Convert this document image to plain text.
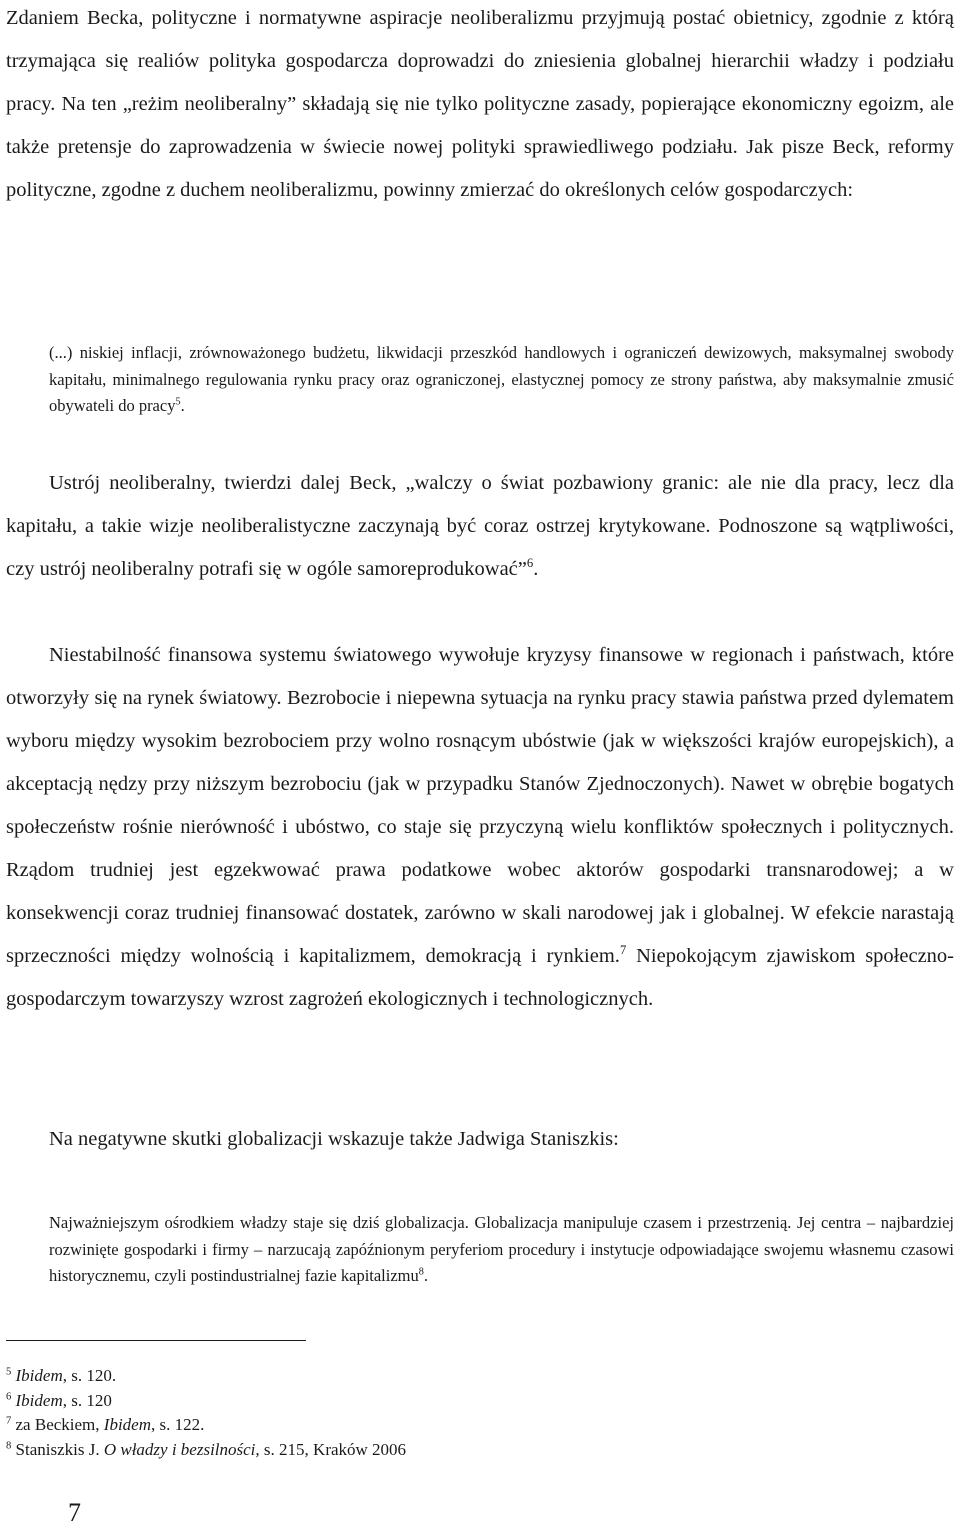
Zdaniem Becka, polityczne i normatywne aspiracje neoliberalizmu przyjmują postać obietnicy, zgodnie z którą trzymająca się realiów polityka gospodarcza doprowadzi do zniesienia globalnej hierarchii władzy i podziału pracy. Na ten „reżim neoliberalny” składają się nie tylko polityczne zasady, popierające ekonomiczny egoizm, ale także pretensje do zaprowadzenia w świecie nowej polityki sprawiedliwego podziału. Jak pisze Beck, reformy polityczne, zgodne z duchem neoliberalizmu, powinny zmierzać do określonych celów gospodarczych:

(...) niskiej inflacji, zrównoważonego budżetu, likwidacji przeszkód handlowych i ograniczeń dewizowych, maksymalnej swobody kapitału, minimalnego regulowania rynku pracy oraz ograniczonej, elastycznej pomocy ze strony państwa, aby maksymalnie zmusić obywateli do pracy$^5$.

Ustrój neoliberalny, twierdzi dalej Beck, „walczy o świat pozbawiony granic: ale nie dla pracy, lecz dla kapitału, a takie wizje neoliberalistyczne zaczynają być coraz ostrzej krytykowane. Podnoszone są wątpliwości, czy ustrój neoliberalny potrafi się w ogóle samoreprodukować”$^6$.

Niestabilność finansowa systemu światowego wywołuje kryzysy finansowe w regionach i państwach, które otworzyły się na rynek światowy. Bezrobocie i niepewna sytuacja na rynku pracy stawia państwa przed dylematem wyboru między wysokim bezrobociem przy wolno rosnącym ubóstwie (jak w większości krajów europejskich), a akceptacją nędzy przy niższym bezrobociu (jak w przypadku Stanów Zjednoczonych). Nawet w obrębie bogatych społeczeństw rośnie nierówność i ubóstwo, co staje się przyczyną wielu konfliktów społecznych i politycznych. Rządom trudniej jest egzekwować prawa podatkowe wobec aktorów gospodarki transnarodowej; a w konsekwencji coraz trudniej finansować dostatek, zarówno w skali narodowej jak i globalnej. W efekcie narastają sprzeczności między wolnością i kapitalizmem, demokracją i rynkiem.$^7$ Niepokojącym zjawiskom społeczno-gospodarczym towarzyszy wzrost zagrożeń ekologicznych i technologicznych.

Na negatywne skutki globalizacji wskazuje także Jadwiga Staniszkis:

Najważniejszym ośrodkiem władzy staje się dziś globalizacja. Globalizacja manipuluje czasem i przestrzenią. Jej centra – najbardziej rozwinięte gospodarki i firmy – narzucają zapóźnionym peryferiom procedury i instytucje odpowiadające swojemu własnemu czasowi historycznemu, czyli postindustrialnej fazie kapitalizmu$^8$.

$^5$ Ibidem, s. 120.
$^6$ Ibidem, s. 120
$^7$ za Beckiem, Ibidem, s. 122.
$^8$ Staniszkis J. O władzy i bezsilności, s. 215, Kraków 2006
7
